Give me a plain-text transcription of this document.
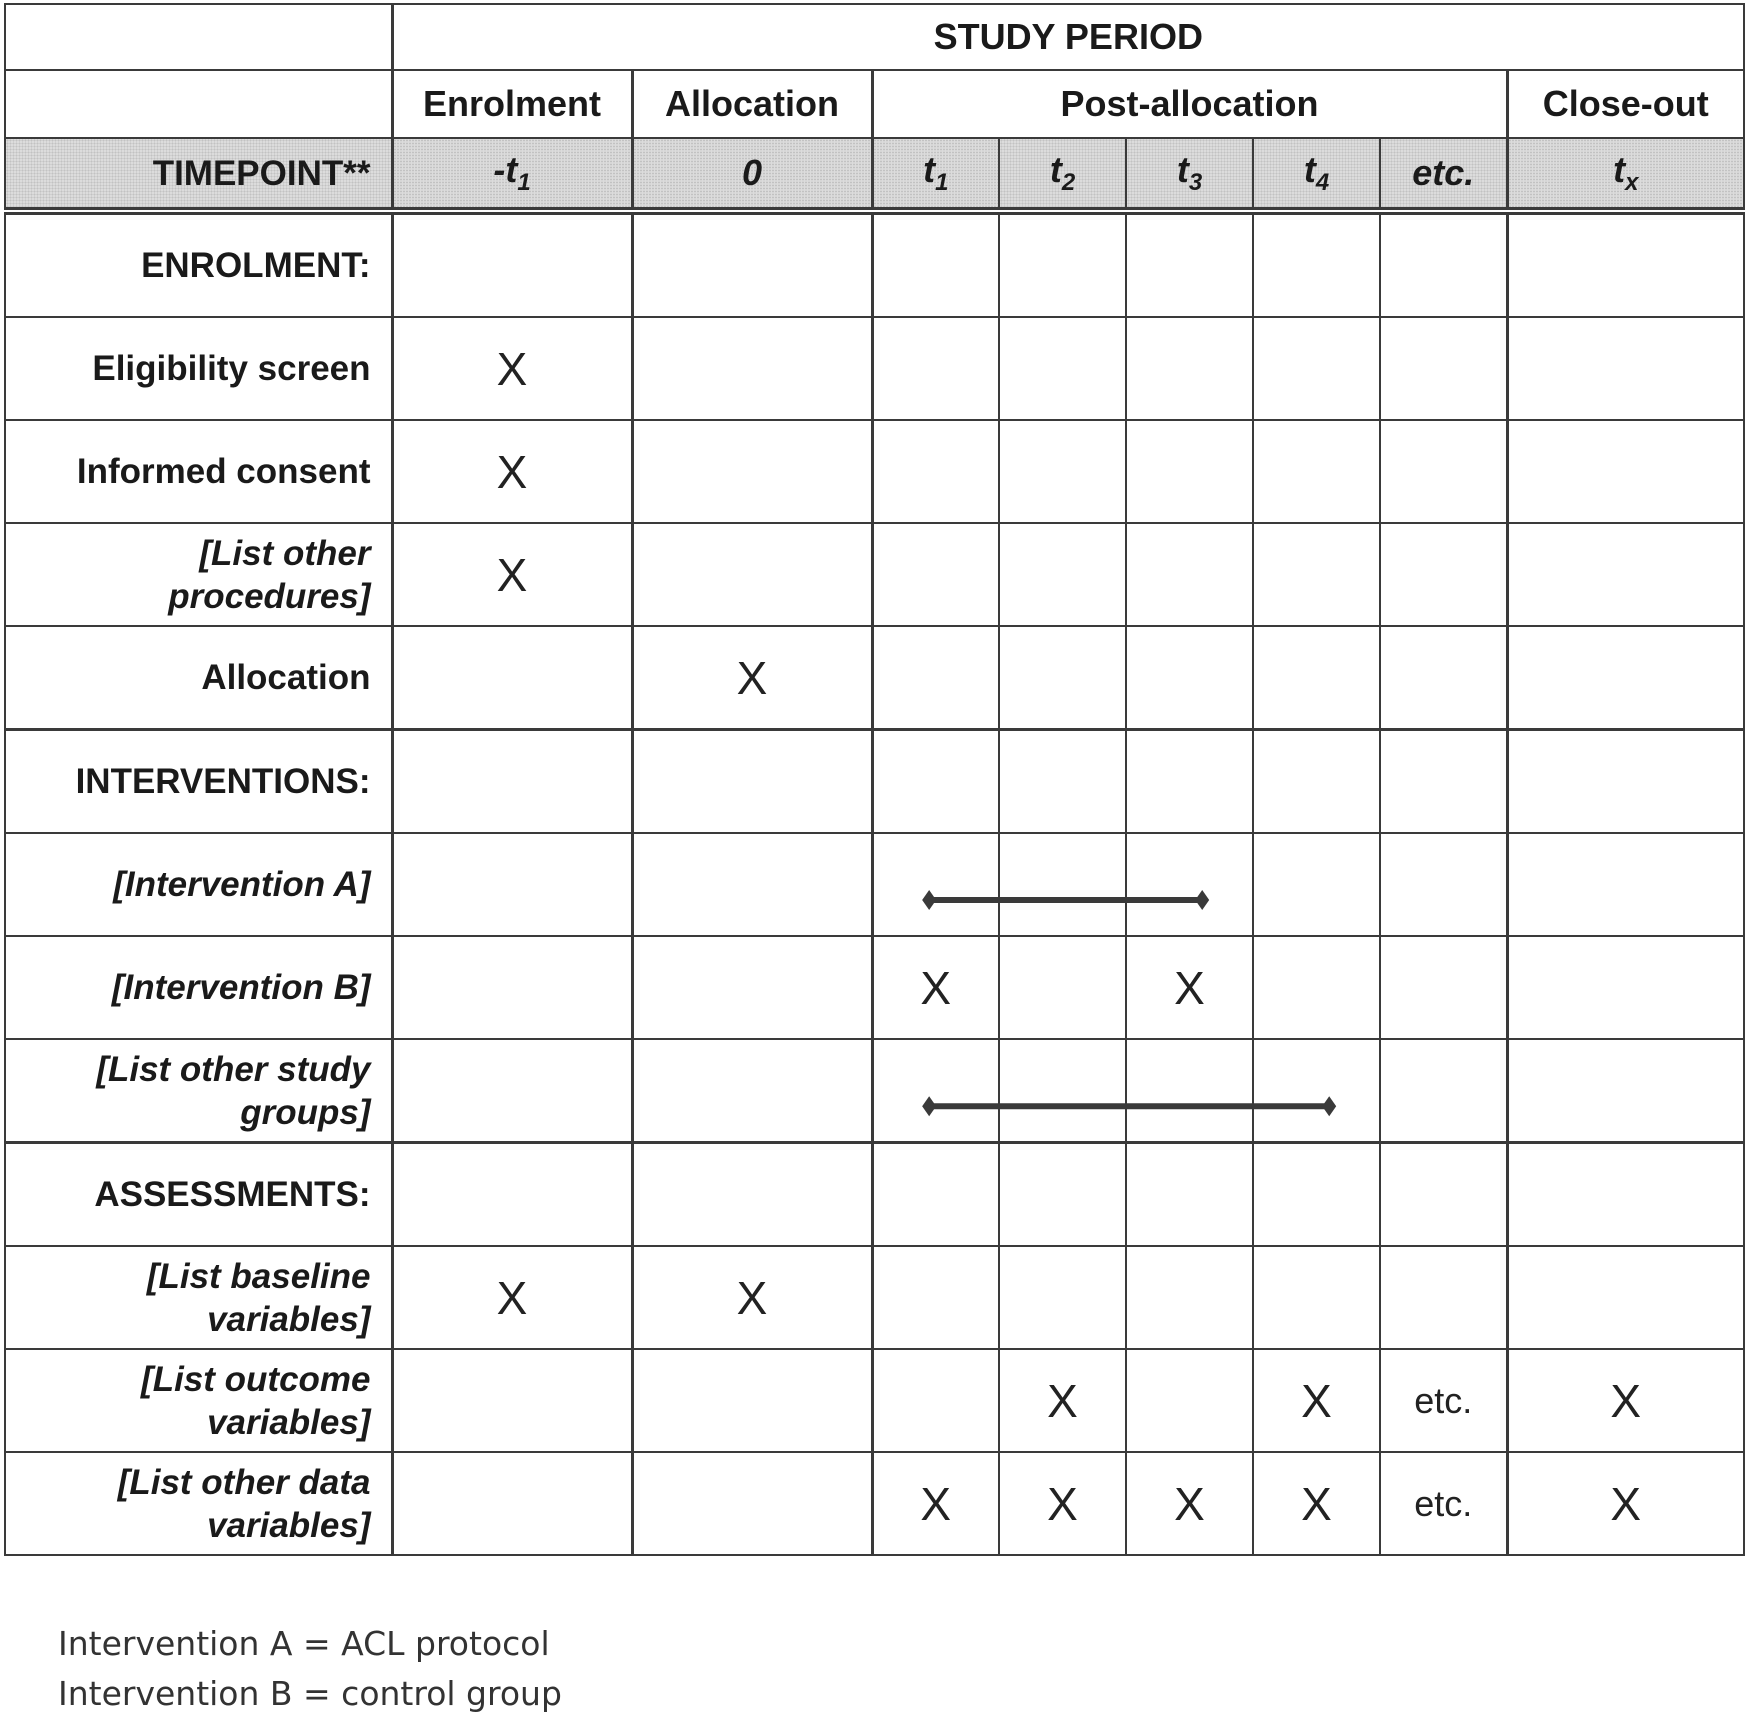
	STUDY PERIOD							
	Enrolment	Allocation	Post-allocation					Close-out
TIMEPOINT**	$-t_1$	0	$t_1$	$t_2$	$t_3$	$t_4$	etc.	$t_x$
ENROLMENT:								
Eligibility screen	X							
Informed consent	X							
[List other procedures]	X							
Allocation		X						
INTERVENTIONS:								
[Intervention A]								
[Intervention B]			X		X			
[List other study groups]								
ASSESSMENTS:								
[List baseline variables]	X	X						
[List outcome variables]				X		X	etc.	X
[List other data variables]			X	X	X	X	etc.	X
Intervention A = ACL protocol
Intervention B = control group
